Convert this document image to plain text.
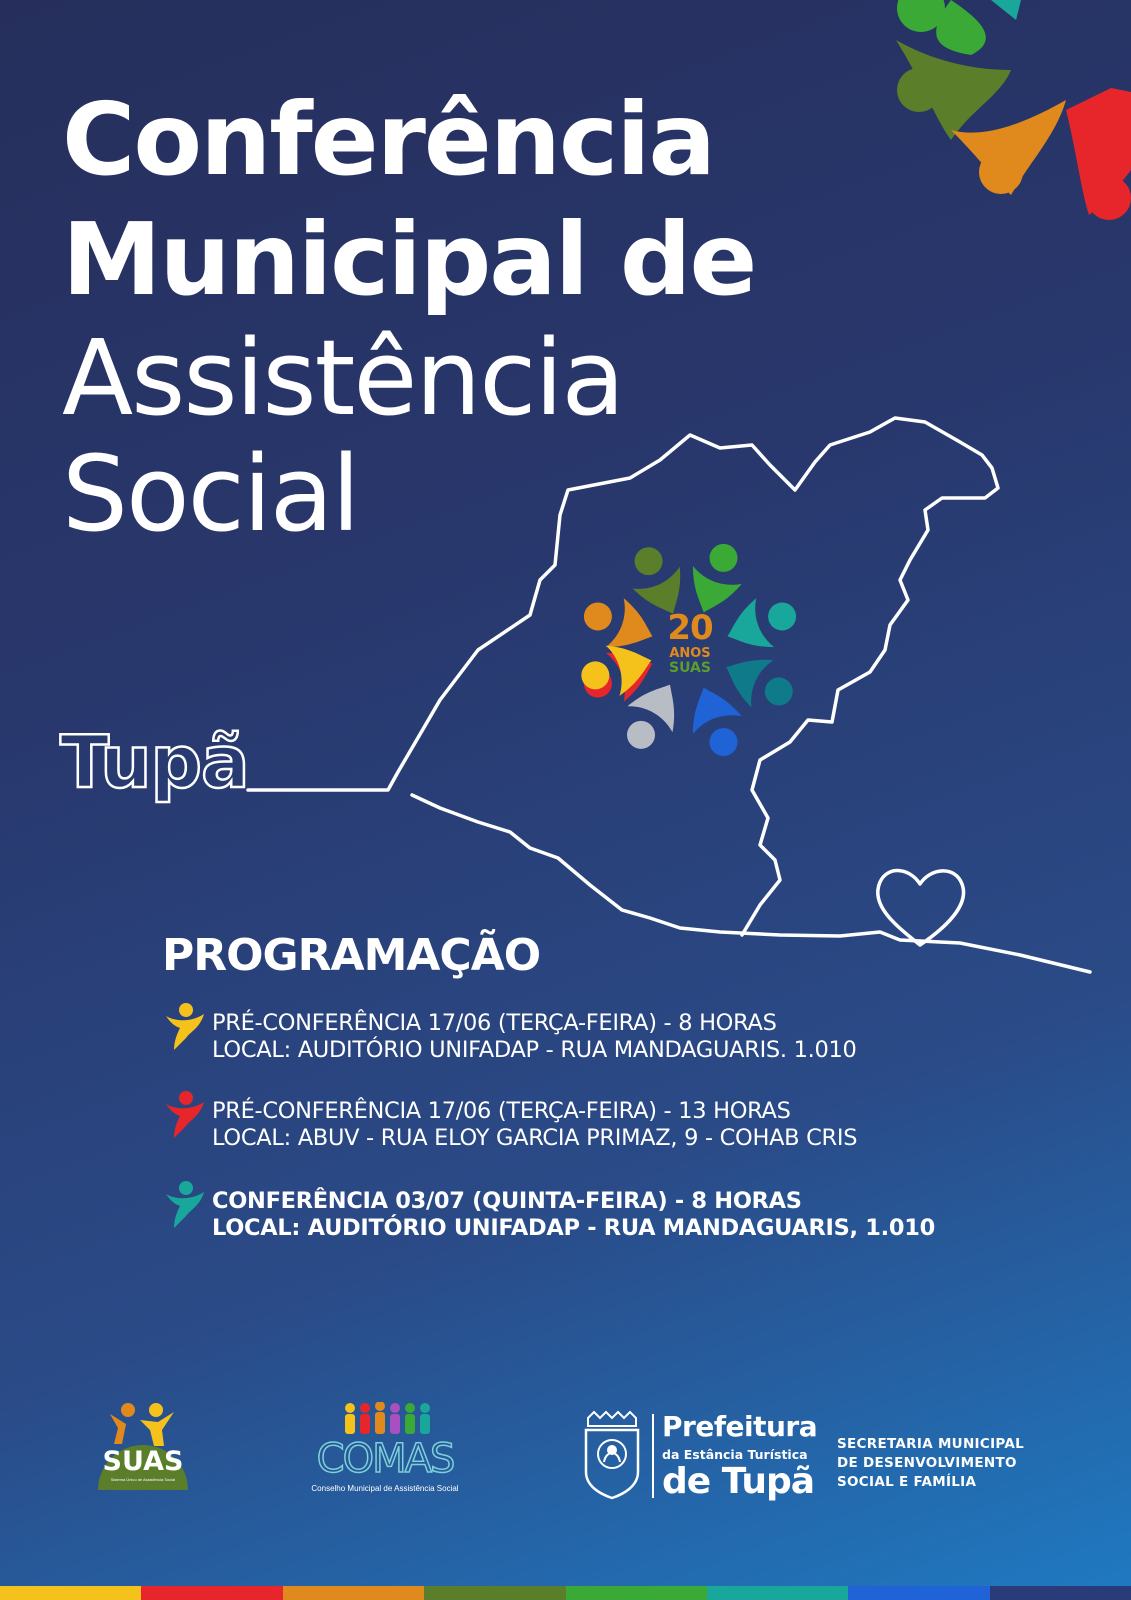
Conferência
Municipal de
Assistência
Social
Tupã
20
ANOS
SUAS
PROGRAMAÇÃO
PRÉ-CONFERÊNCIA 17/06 (TERÇA-FEIRA) - 8 HORAS
LOCAL: AUDITÓRIO UNIFADAP - RUA MANDAGUARIS. 1.010
PRÉ-CONFERÊNCIA 17/06 (TERÇA-FEIRA) - 13 HORAS
LOCAL: ABUV - RUA ELOY GARCIA PRIMAZ, 9 - COHAB CRIS
CONFERÊNCIA 03/07 (QUINTA-FEIRA) - 8 HORAS
LOCAL: AUDITÓRIO UNIFADAP - RUA MANDAGUARIS, 1.010
SUAS
Sistema Único de Assistência Social	COMAS
Conselho Municipal de Assistência Social
Prefeitura
da Estância Turística
de Tupã
SECRETARIA MUNICIPAL
DE DESENVOLVIMENTO
SOCIAL E FAMÍLIA
